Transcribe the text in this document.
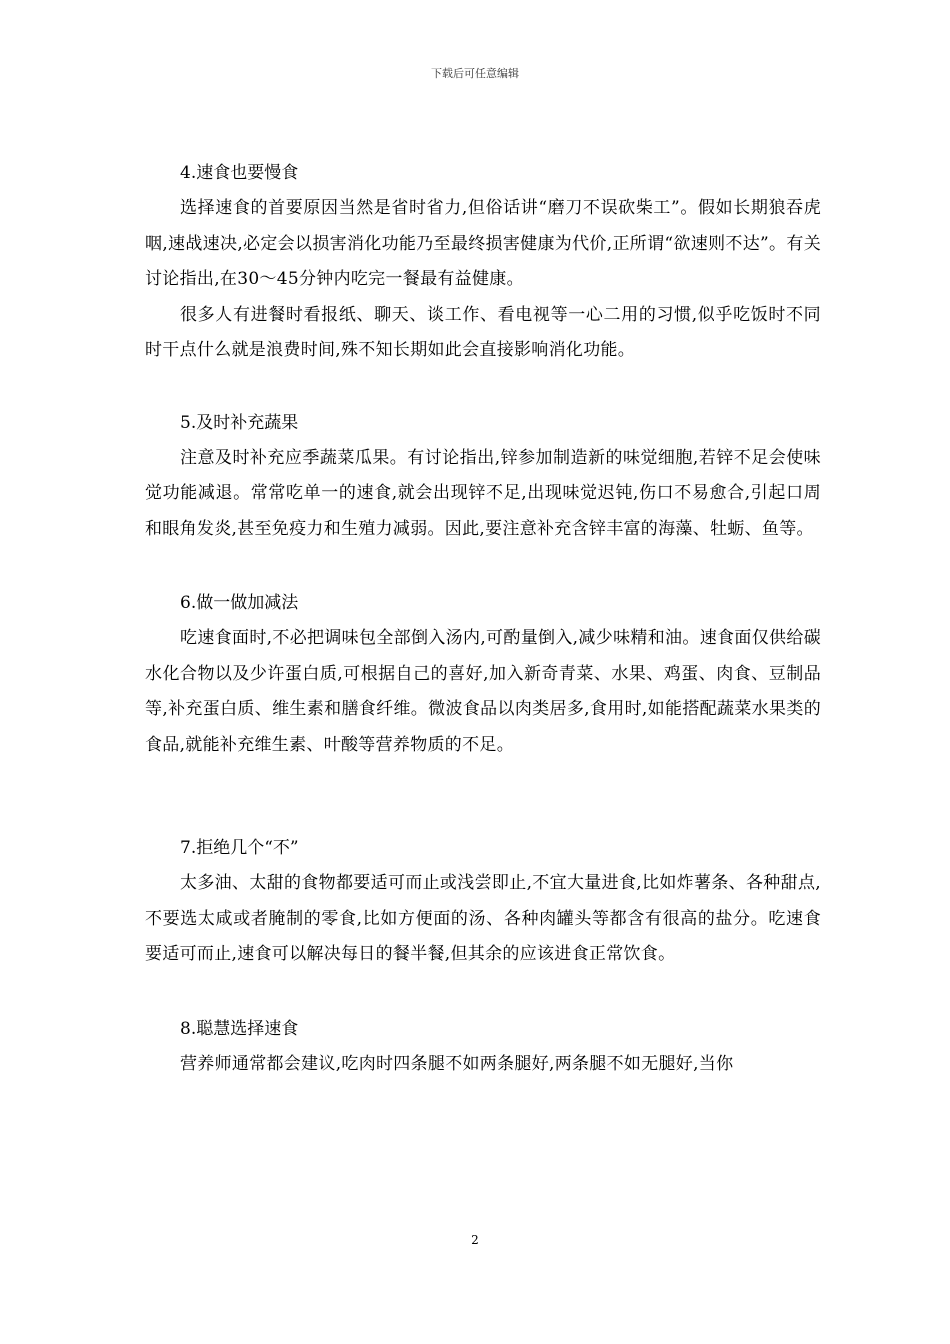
下载后可任意编辑

4.速食也要慢食

选择速食的首要原因当然是省时省力,但俗话讲“磨刀不误砍柴工”。假如长期狼吞虎咽,速战速决,必定会以损害消化功能乃至最终损害健康为代价,正所谓“欲速则不达”。有关讨论指出,在30～45分钟内吃完一餐最有益健康。

很多人有进餐时看报纸、聊天、谈工作、看电视等一心二用的习惯,似乎吃饭时不同时干点什么就是浪费时间,殊不知长期如此会直接影响消化功能。

5.及时补充蔬果

注意及时补充应季蔬菜瓜果。有讨论指出,锌参加制造新的味觉细胞,若锌不足会使味觉功能减退。常常吃单一的速食,就会出现锌不足,出现味觉迟钝,伤口不易愈合,引起口周和眼角发炎,甚至免疫力和生殖力减弱。因此,要注意补充含锌丰富的海藻、牡蛎、鱼等。

6.做一做加减法

吃速食面时,不必把调味包全部倒入汤内,可酌量倒入,减少味精和油。速食面仅供给碳水化合物以及少许蛋白质,可根据自己的喜好,加入新奇青菜、水果、鸡蛋、肉食、豆制品等,补充蛋白质、维生素和膳食纤维。微波食品以肉类居多,食用时,如能搭配蔬菜水果类的食品,就能补充维生素、叶酸等营养物质的不足。

7.拒绝几个“不”

太多油、太甜的食物都要适可而止或浅尝即止,不宜大量进食,比如炸薯条、各种甜点,不要选太咸或者腌制的零食,比如方便面的汤、各种肉罐头等都含有很高的盐分。吃速食要适可而止,速食可以解决每日的餐半餐,但其余的应该进食正常饮食。

8.聪慧选择速食

营养师通常都会建议,吃肉时四条腿不如两条腿好,两条腿不如无腿好,当你

2
